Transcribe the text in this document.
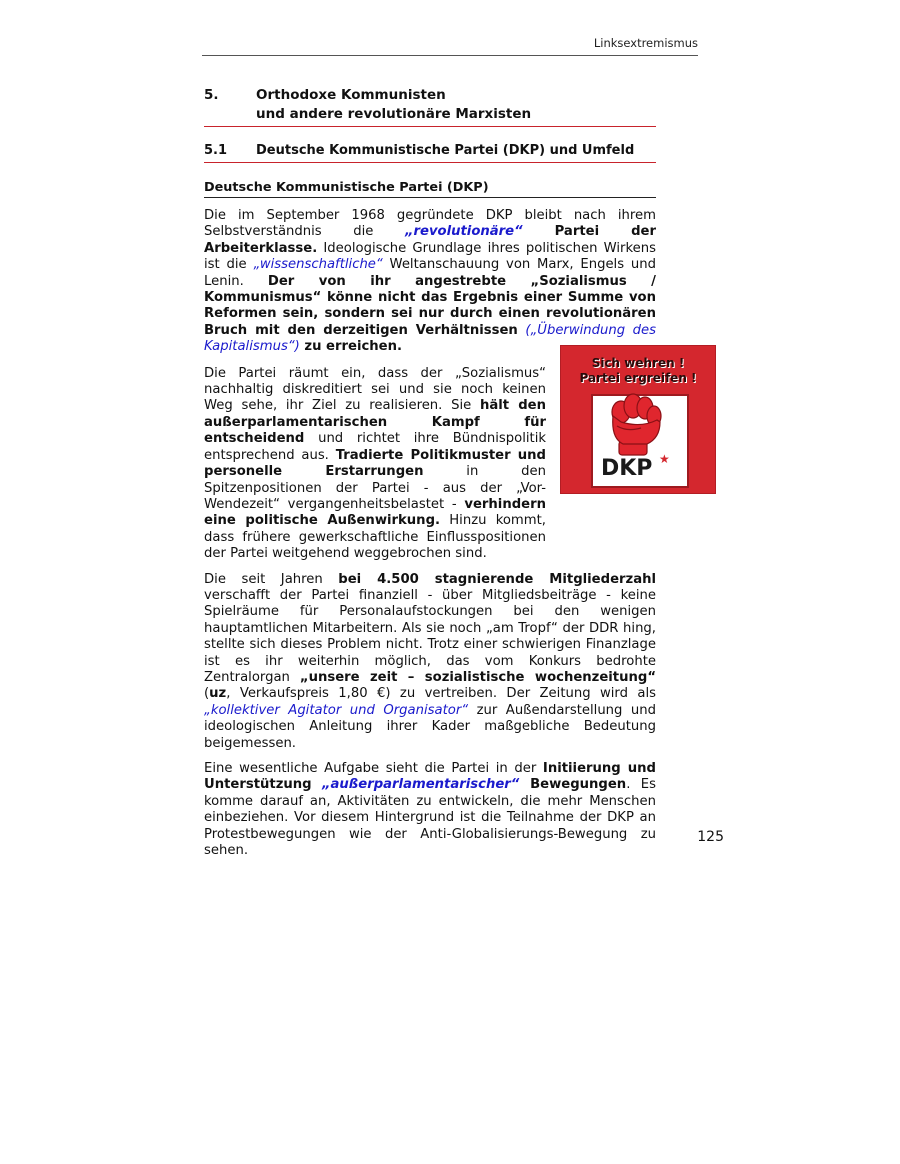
Linksextremismus
5.	Orthodoxe Kommunisten
und andere revolutionäre Marxisten
5.1	Deutsche Kommunistische Partei (DKP) und Umfeld
Deutsche Kommunistische Partei (DKP)

Die im September 1968 gegründete DKP bleibt nach ihrem Selbstverständnis die „revolutionäre“ Partei der Arbeiterklasse. Ideologische Grundlage ihres politischen Wirkens ist die „wissenschaftliche“ Weltanschauung von Marx, Engels und Lenin. Der von ihr angestrebte „Sozialismus / Kommunismus“ könne nicht das Ergebnis einer Summe von Reformen sein, sondern sei nur durch einen revolutionären Bruch mit den derzeitigen Verhältnissen („Überwindung des Kapitalismus“) zu erreichen.

Die Partei räumt ein, dass der „Sozialismus“ nachhaltig diskreditiert sei und sie noch keinen Weg sehe, ihr Ziel zu realisieren. Sie hält den außerparlamentarischen Kampf für entscheidend und richtet ihre Bündnispolitik entsprechend aus. Tradierte Politikmuster und personelle Erstarrungen in den Spitzenpositionen der Partei - aus der „Vor-Wendezeit“ vergangenheitsbelastet - verhindern eine politische Außenwirkung. Hinzu kommt, dass frühere gewerkschaftliche Einflusspositionen der Partei weitgehend weggebrochen sind.

Die seit Jahren bei 4.500 stagnierende Mitgliederzahl verschafft der Partei finanziell - über Mitgliedsbeiträge - keine Spielräume für Personalaufstockungen bei den wenigen hauptamtlichen Mitarbeitern. Als sie noch „am Tropf“ der DDR hing, stellte sich dieses Problem nicht. Trotz einer schwierigen Finanzlage ist es ihr weiterhin möglich, das vom Konkurs bedrohte Zentralorgan „unsere zeit – sozialistische wochenzeitung“ (uz, Verkaufspreis 1,80 €) zu vertreiben. Der Zeitung wird als „kollektiver Agitator und Organisator“ zur Außendarstellung und ideologischen Anleitung ihrer Kader maßgebliche Bedeutung beigemessen.

Eine wesentliche Aufgabe sieht die Partei in der Initiierung und Unterstützung „außerparlamentarischer“ Bewegungen. Es komme darauf an, Aktivitäten zu entwickeln, die mehr Menschen einbeziehen. Vor diesem Hintergrund ist die Teilnahme der DKP an Protestbewegungen wie der Anti-Globalisierungs-Bewegung zu sehen.

Sich wehren !
Partei ergreifen !
DKP ★
125
